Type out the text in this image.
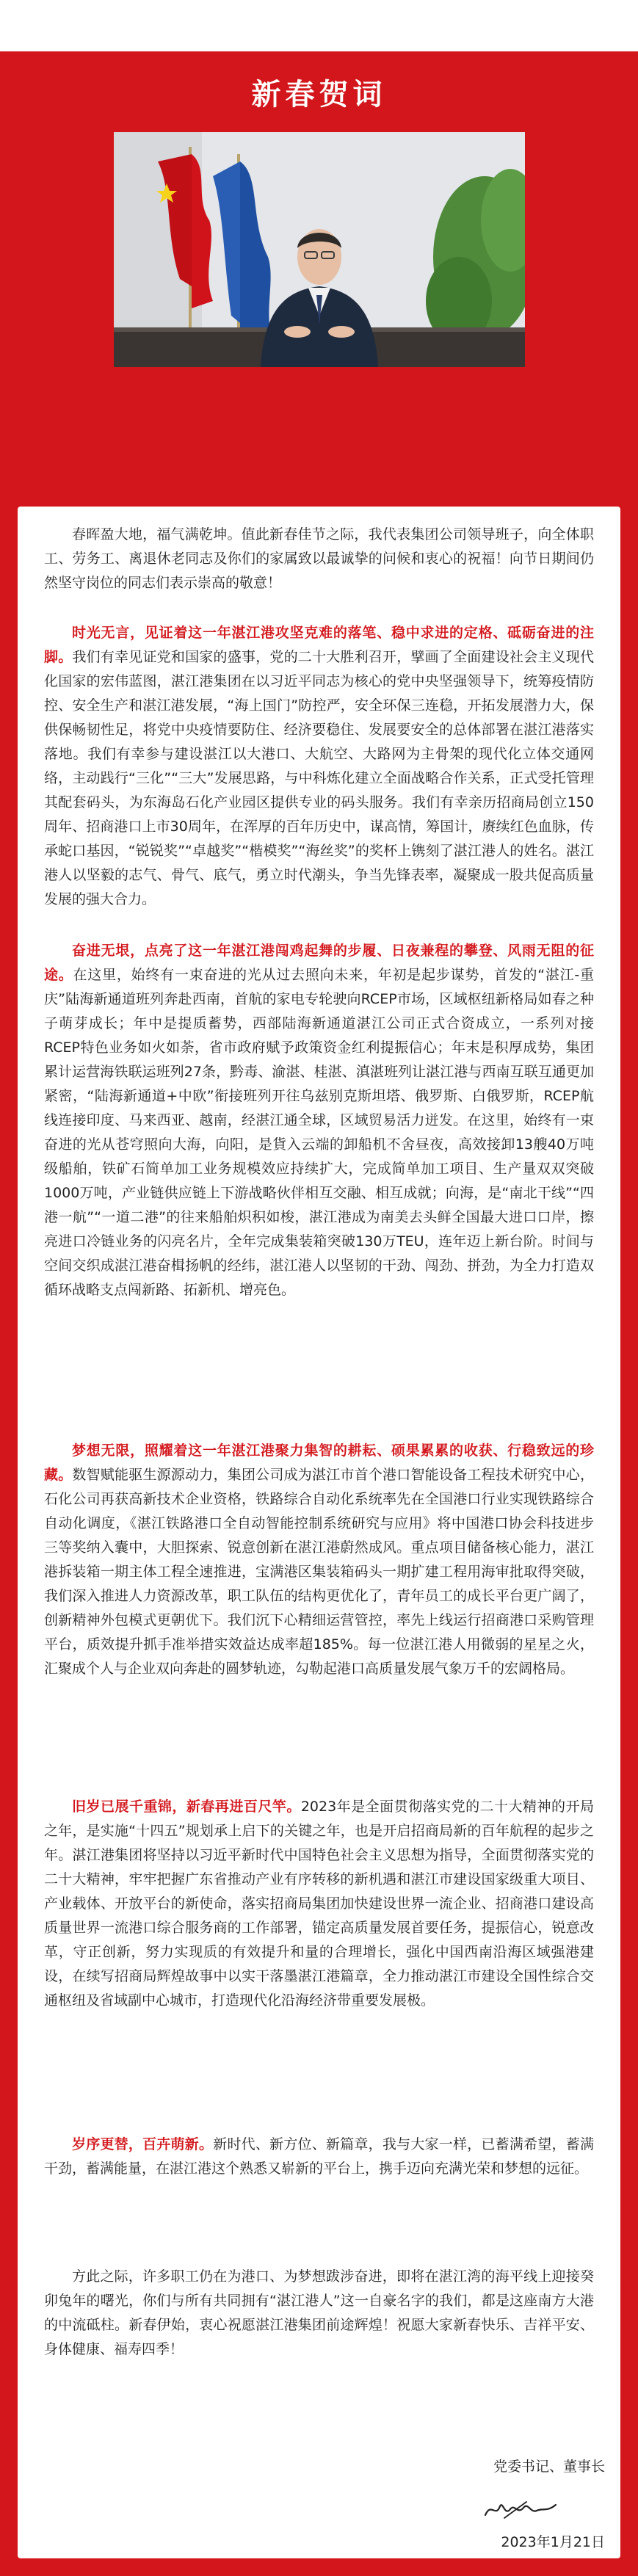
新春贺词

春晖盈大地，福气满乾坤。值此新春佳节之际，我代表集团公司领导班子，向全体职工、劳务工、离退休老同志及你们的家属致以最诚挚的问候和衷心的祝福！向节日期间仍然坚守岗位的同志们表示崇高的敬意！

时光无言，见证着这一年湛江港攻坚克难的落笔、稳中求进的定格、砥砺奋进的注脚。我们有幸见证党和国家的盛事，党的二十大胜利召开，擘画了全面建设社会主义现代化国家的宏伟蓝图，湛江港集团在以习近平同志为核心的党中央坚强领导下，统筹疫情防控、安全生产和湛江港发展，“海上国门”防控严，安全环保三连稳，开拓发展潜力大，保供保畅韧性足，将党中央疫情要防住、经济要稳住、发展要安全的总体部署在湛江港落实落地。我们有幸参与建设湛江以大港口、大航空、大路网为主骨架的现代化立体交通网络，主动践行“三化”“三大”发展思路，与中科炼化建立全面战略合作关系，正式受托管理其配套码头，为东海岛石化产业园区提供专业的码头服务。我们有幸亲历招商局创立150周年、招商港口上市30周年，在浑厚的百年历史中，谋高情，筹国计，赓续红色血脉，传承蛇口基因，“锐锐奖”“卓越奖”“楷模奖”“海丝奖”的奖杯上镌刻了湛江港人的姓名。湛江港人以坚毅的志气、骨气、底气，勇立时代潮头，争当先锋表率，凝聚成一股共促高质量发展的强大合力。

奋进无垠，点亮了这一年湛江港闯鸡起舞的步履、日夜兼程的攀登、风雨无阻的征途。在这里，始终有一束奋进的光从过去照向未来，年初是起步谋势，首发的“湛江-重庆”陆海新通道班列奔赴西南，首航的家电专轮驶向RCEP市场，区域枢纽新格局如春之种子萌芽成长；年中是提质蓄势，西部陆海新通道湛江公司正式合资成立，一系列对接RCEP特色业务如火如荼，省市政府赋予政策资金红利提振信心；年末是积厚成势，集团累计运营海铁联运班列27条，黔毒、渝湛、桂湛、滇湛班列让湛江港与西南互联互通更加紧密，“陆海新通道+中欧”衔接班列开往乌兹别克斯坦塔、俄罗斯、白俄罗斯，RCEP航线连接印度、马来西亚、越南，经湛江通全球，区域贸易活力迸发。在这里，始终有一束奋进的光从苍穹照向大海，向阳，是貨入云端的卸船机不舍昼夜，高效接卸13艘40万吨级船舶，铁矿石简单加工业务规模效应持续扩大，完成简单加工项目、生产量双双突破1000万吨，产业链供应链上下游战略伙伴相互交融、相互成就；向海，是“南北干线”“四港一航”“一道二港”的往来船舶炽积如梭，湛江港成为南美去头鲜全国最大进口口岸，擦亮进口冷链业务的闪亮名片，全年完成集装箱突破130万TEU，连年迈上新台阶。时间与空间交织成湛江港奋楫扬帆的经纬，湛江港人以坚韧的干劲、闯劲、拼劲，为全力打造双循环战略支点闯新路、拓新机、增亮色。

梦想无限，照耀着这一年湛江港聚力集智的耕耘、硕果累累的收获、行稳致远的珍藏。数智赋能驱生源源动力，集团公司成为湛江市首个港口智能设备工程技术研究中心，石化公司再获高新技术企业资格，铁路综合自动化系统率先在全国港口行业实现铁路综合自动化调度，《湛江铁路港口全自动智能控制系统研究与应用》将中国港口协会科技进步三等奖纳入囊中，大胆探索、锐意创新在湛江港蔚然成风。重点项目储备核心能力，湛江港拆装箱一期主体工程全速推进，宝满港区集装箱码头一期扩建工程用海审批取得突破，我们深入推进人力资源改革，职工队伍的结构更优化了，青年员工的成长平台更广阔了，创新精神外包模式更朝优下。我们沉下心精细运营管控，率先上线运行招商港口采购管理平台，质效提升抓手准举措实效益达成率超185%。每一位湛江港人用微弱的星星之火，汇聚成个人与企业双向奔赴的圆梦轨迹，勾勒起港口高质量发展气象万千的宏阔格局。

旧岁已展千重锦，新春再进百尺竿。2023年是全面贯彻落实党的二十大精神的开局之年，是实施“十四五”规划承上启下的关键之年，也是开启招商局新的百年航程的起步之年。湛江港集团将坚持以习近平新时代中国特色社会主义思想为指导，全面贯彻落实党的二十大精神，牢牢把握广东省推动产业有序转移的新机遇和湛江市建设国家级重大项目、产业载体、开放平台的新使命，落实招商局集团加快建设世界一流企业、招商港口建设高质量世界一流港口综合服务商的工作部署，锚定高质量发展首要任务，提振信心，锐意改革，守正创新，努力实现质的有效提升和量的合理增长，强化中国西南沿海区域强港建设，在续写招商局辉煌故事中以实干落墨湛江港篇章，全力推动湛江市建设全国性综合交通枢纽及省域副中心城市，打造现代化沿海经济带重要发展极。

岁序更替，百卉萌新。新时代、新方位、新篇章，我与大家一样，已蓄满希望，蓄满干劲，蓄满能量，在湛江港这个熟悉又崭新的平台上，携手迈向充满光荣和梦想的远征。

方此之际，许多职工仍在为港口、为梦想跋涉奋进，即将在湛江湾的海平线上迎接癸卯兔年的曙光，你们与所有共同拥有“湛江港人”这一自豪名字的我们，都是这座南方大港的中流砥柱。新春伊始，衷心祝愿湛江港集团前途辉煌！祝愿大家新春快乐、吉祥平安、身体健康、福寿四季！

党委书记、董事长
2023年1月21日
